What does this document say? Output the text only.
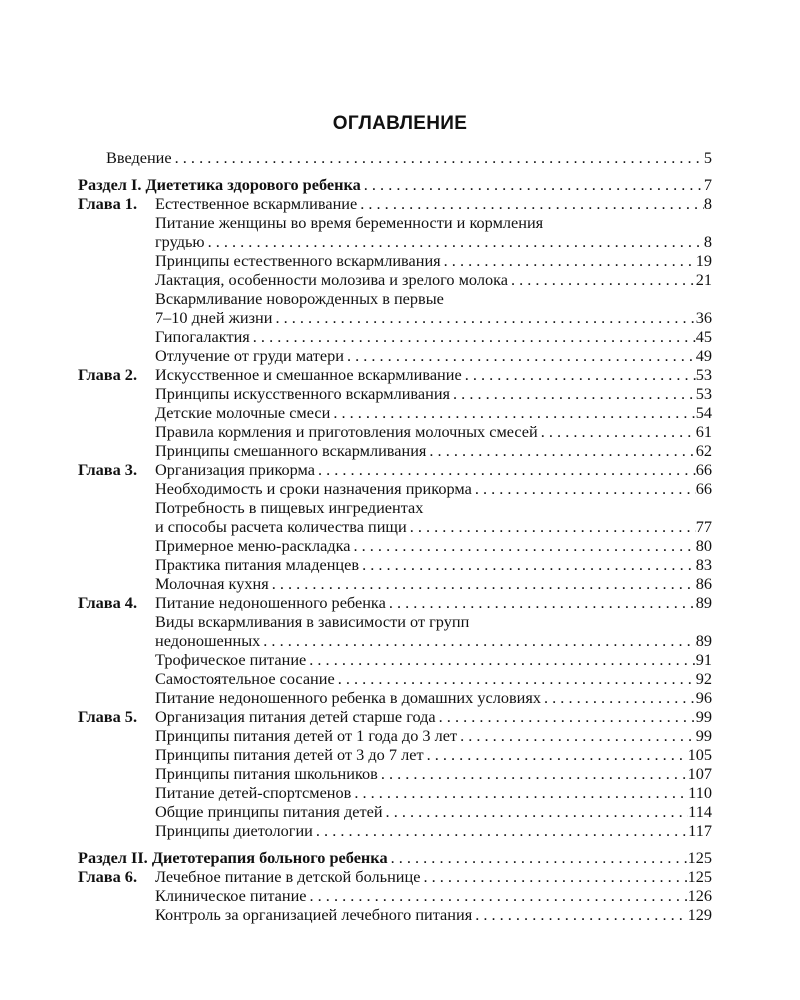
ОГЛАВЛЕНИЕ
Введение . . .	5
Раздел I. Диететика здорового ребенка . . .	7
Глава 1.	Естественное вскармливание . . .	8
Питание женщины во время беременности и кормления
грудью . . .	8
Принципы естественного вскармливания . . .	19
Лактация, особенности молозива и зрелого молока . . .	21
Вскармливание новорожденных в первые
7–10 дней жизни . . .	36
Гипогалактия . . .	45
Отлучение от груди матери . . .	49
Глава 2.	Искусственное и смешанное вскармливание . . .	53
Принципы искусственного вскармливания . . .	53
Детские молочные смеси . . .	54
Правила кормления и приготовления молочных смесей . . .	61
Принципы смешанного вскармливания . . .	62
Глава 3.	Организация прикорма . . .	66
Необходимость и сроки назначения прикорма . . .	66
Потребность в пищевых ингредиентах
и способы расчета количества пищи . . .	77
Примерное меню-раскладка . . .	80
Практика питания младенцев . . .	83
Молочная кухня . . .	86
Глава 4.	Питание недоношенного ребенка . . .	89
Виды вскармливания в зависимости от групп
недоношенных . . .	89
Трофическое питание . . .	91
Самостоятельное сосание . . .	92
Питание недоношенного ребенка в домашних условиях . . .	96
Глава 5.	Организация питания детей старше года . . .	99
Принципы питания детей от 1 года до 3 лет . . .	99
Принципы питания детей от 3 до 7 лет . . .	105
Принципы питания школьников . . .	107
Питание детей-спортсменов . . .	110
Общие принципы питания детей . . .	114
Принципы диетологии . . .	117
Раздел II. Диетотерапия больного ребенка . . .	125
Глава 6.	Лечебное питание в детской больнице . . .	125
Клиническое питание . . .	126
Контроль за организацией лечебного питания . . .	129
